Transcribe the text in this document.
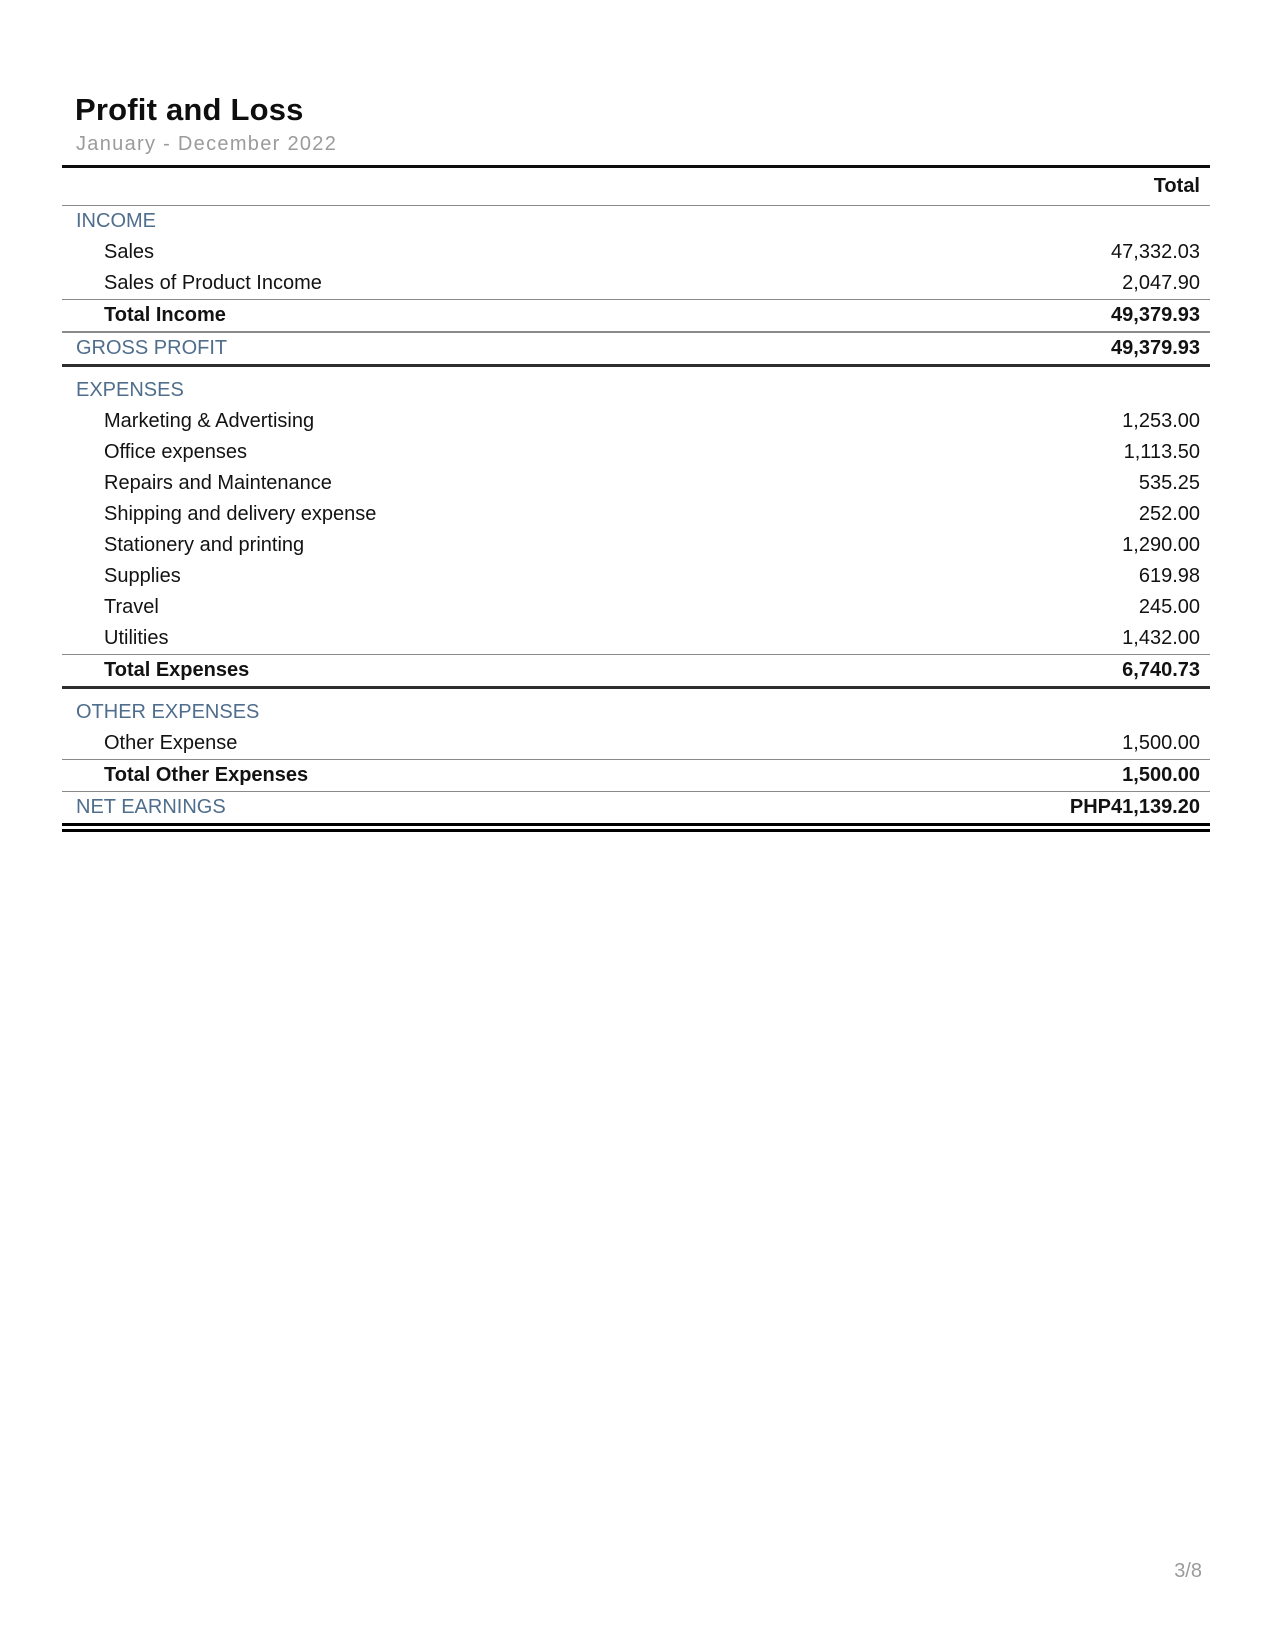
Profit and Loss
January - December 2022
Total
INCOME
Sales	47,332.03
Sales of Product Income	2,047.90
Total Income	49,379.93
GROSS PROFIT	49,379.93
EXPENSES
Marketing & Advertising	1,253.00
Office expenses	1,113.50
Repairs and Maintenance	535.25
Shipping and delivery expense	252.00
Stationery and printing	1,290.00
Supplies	619.98
Travel	245.00
Utilities	1,432.00
Total Expenses	6,740.73
OTHER EXPENSES
Other Expense	1,500.00
Total Other Expenses	1,500.00
NET EARNINGS	PHP41,139.20
3/8
